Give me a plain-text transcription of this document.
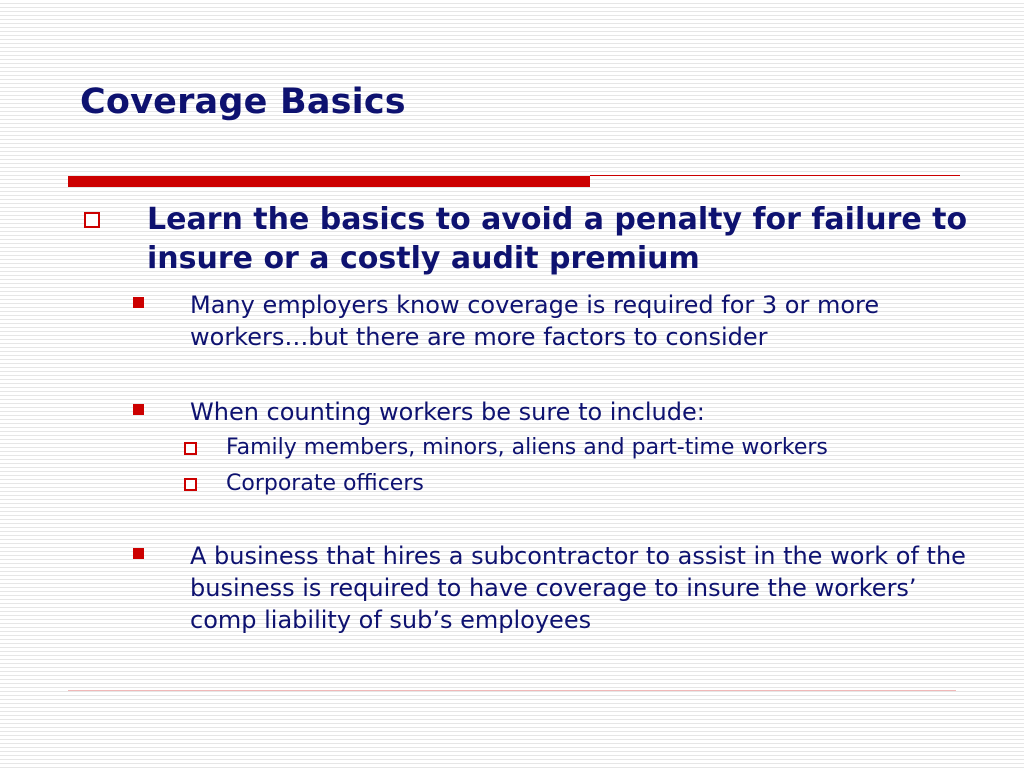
Coverage Basics

Learn the basics to avoid a penalty for failure to insure or a costly audit premium

Many employers know coverage is required for 3 or more workers…but there are more factors to consider

When counting workers be sure to include:

Family members, minors, aliens and part-time workers

Corporate officers

A business that hires a subcontractor to assist in the work of the business is required to have coverage to insure the workers’ comp liability of sub’s employees
